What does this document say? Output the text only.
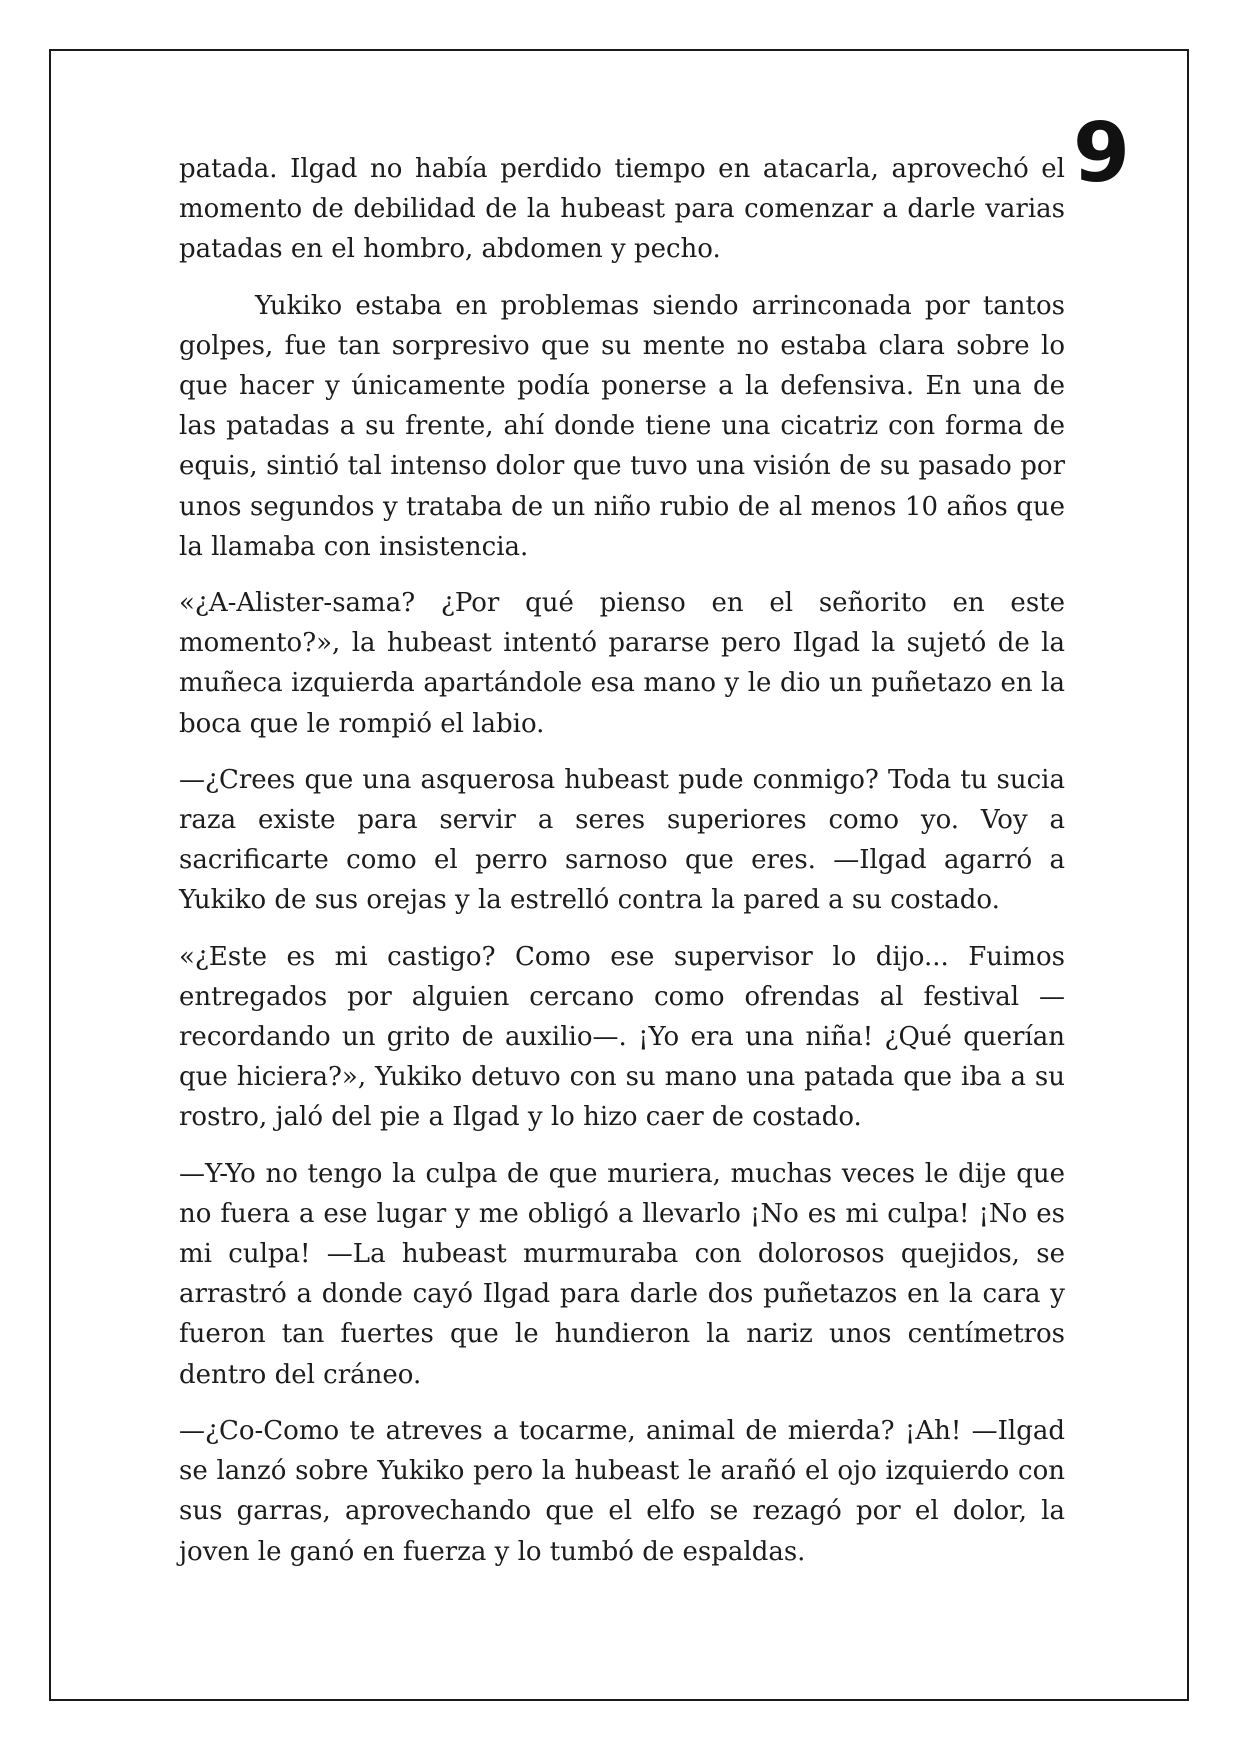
9

patada. Ilgad no había perdido tiempo en atacarla, aprovechó el momento de debilidad de la hubeast para comenzar a darle varias patadas en el hombro, abdomen y pecho.

Yukiko estaba en problemas siendo arrinconada por tantos golpes, fue tan sorpresivo que su mente no estaba clara sobre lo que hacer y únicamente podía ponerse a la defensiva. En una de las patadas a su frente, ahí donde tiene una cicatriz con forma de equis, sintió tal intenso dolor que tuvo una visión de su pasado por unos segundos y trataba de un niño rubio de al menos 10 años que la llamaba con insistencia.

«¿A-Alister-sama? ¿Por qué pienso en el señorito en este momento?», la hubeast intentó pararse pero Ilgad la sujetó de la muñeca izquierda apartándole esa mano y le dio un puñetazo en la boca que le rompió el labio.

—¿Crees que una asquerosa hubeast pude conmigo? Toda tu sucia raza existe para servir a seres superiores como yo. Voy a sacrificarte como el perro sarnoso que eres. —Ilgad agarró a Yukiko de sus orejas y la estrelló contra la pared a su costado.

«¿Este es mi castigo? Como ese supervisor lo dijo... Fuimos entregados por alguien cercano como ofrendas al festival —recordando un grito de auxilio—. ¡Yo era una niña! ¿Qué querían que hiciera?», Yukiko detuvo con su mano una patada que iba a su rostro, jaló del pie a Ilgad y lo hizo caer de costado.

—Y-Yo no tengo la culpa de que muriera, muchas veces le dije que no fuera a ese lugar y me obligó a llevarlo ¡No es mi culpa! ¡No es mi culpa! —La hubeast murmuraba con dolorosos quejidos, se arrastró a donde cayó Ilgad para darle dos puñetazos en la cara y fueron tan fuertes que le hundieron la nariz unos centímetros dentro del cráneo.

—¿Co-Como te atreves a tocarme, animal de mierda? ¡Ah! —Ilgad se lanzó sobre Yukiko pero la hubeast le arañó el ojo izquierdo con sus garras, aprovechando que el elfo se rezagó por el dolor, la joven le ganó en fuerza y lo tumbó de espaldas.
